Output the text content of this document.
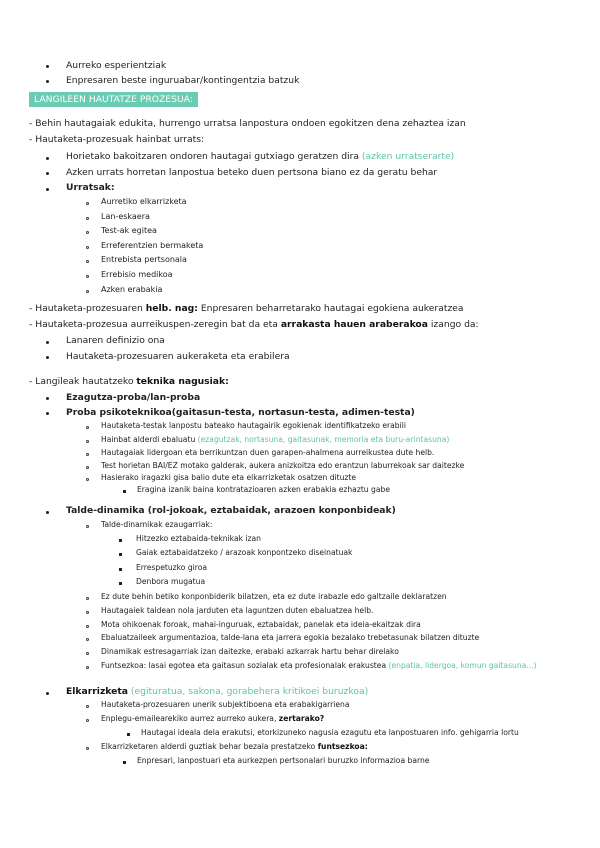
Aurreko esperientziak
Enpresaren beste inguruabar/kontingentzia batzuk
LANGILEEN HAUTATZE PROZESUA:
- Behin hautagaiak edukita, hurrengo urratsa lanpostura ondoen egokitzen dena zehaztea izan
- Hautaketa-prozesuak hainbat urrats:
Horietako bakoitzaren ondoren hautagai gutxiago geratzen dira (azken urratserarte)
Azken urrats horretan lanpostua beteko duen pertsona biano ez da geratu behar
Urratsak:
Aurretiko elkarrizketa
Lan-eskaera
Test-ak egitea
Erreferentzien bermaketa
Entrebista pertsonala
Errebisio medikoa
Azken erabakia
- Hautaketa-prozesuaren helb. nag: Enpresaren beharretarako hautagai egokiena aukeratzea
- Hautaketa-prozesua aurreikuspen-zeregin bat da eta arrakasta hauen araberakoa izango da:
Lanaren definizio ona
Hautaketa-prozesuaren aukeraketa eta erabilera
- Langileak hautatzeko teknika nagusiak:
Ezagutza-proba/lan-proba
Proba psikoteknikoa(gaitasun-testa, nortasun-testa, adimen-testa)
Hautaketa-testak lanpostu bateako hautagairik egokienak identifikatzeko erabili
Hainbat alderdi ebaluatu (ezagutzak, nortasuna, gaitasunak, memoria eta buru-arintasuna)
Hautagaiak lidergoan eta berrikuntzan duen garapen-ahalmena aurreikustea dute helb.
Test horietan BAI/EZ motako galderak, aukera anizkoitza edo erantzun laburrekoak sar daitezke
Hasierako iragazki gisa balio dute eta elkarrizketak osatzen dituzte
Eragina izanik baina kontratazioaren azken erabakia ezhaztu gabe
Talde-dinamika (rol-jokoak, eztabaidak, arazoen konponbideak)
Talde-dinamikak ezaugarriak:
Hitzezko eztabaida-teknikak izan
Gaiak eztabaidatzeko / arazoak konpontzeko diseinatuak
Errespetuzko giroa
Denbora mugatua
Ez dute behin betiko konponbiderik bilatzen, eta ez dute irabazle edo galtzaile deklaratzen
Hautagaiek taldean nola jarduten eta laguntzen duten ebaluatzea helb.
Mota ohikoenak foroak, mahai-inguruak, eztabaidak, panelak eta ideia-ekaitzak dira
Ebaluatzaileek argumentazioa, talde-lana eta jarrera egokia bezalako trebetasunak bilatzen dituzte
Dinamikak estresagarriak izan daitezke, erabaki azkarrak hartu behar direlako
Funtsezkoa: lasai egotea eta gaitasun sozialak eta profesionalak erakustea (enpatia, lidergoa, komun gaitasuna...)
Elkarrizketa (egituratua, sakona, gorabehera kritikoei buruzkoa)
Hautaketa-prozesuaren unerik subjektiboena eta erabakigarriena
Enplegu-emailearekiko aurrez aurreko aukera, zertarako?
Hautagai ideala dela erakutsi, etorkizuneko nagusia ezagutu eta lanpostuaren info. gehigarria lortu
Elkarrizketaren alderdi guztiak behar bezala prestatzeko funtsezkoa:
Enpresari, lanpostuari eta aurkezpen pertsonalari buruzko informazioa barne
